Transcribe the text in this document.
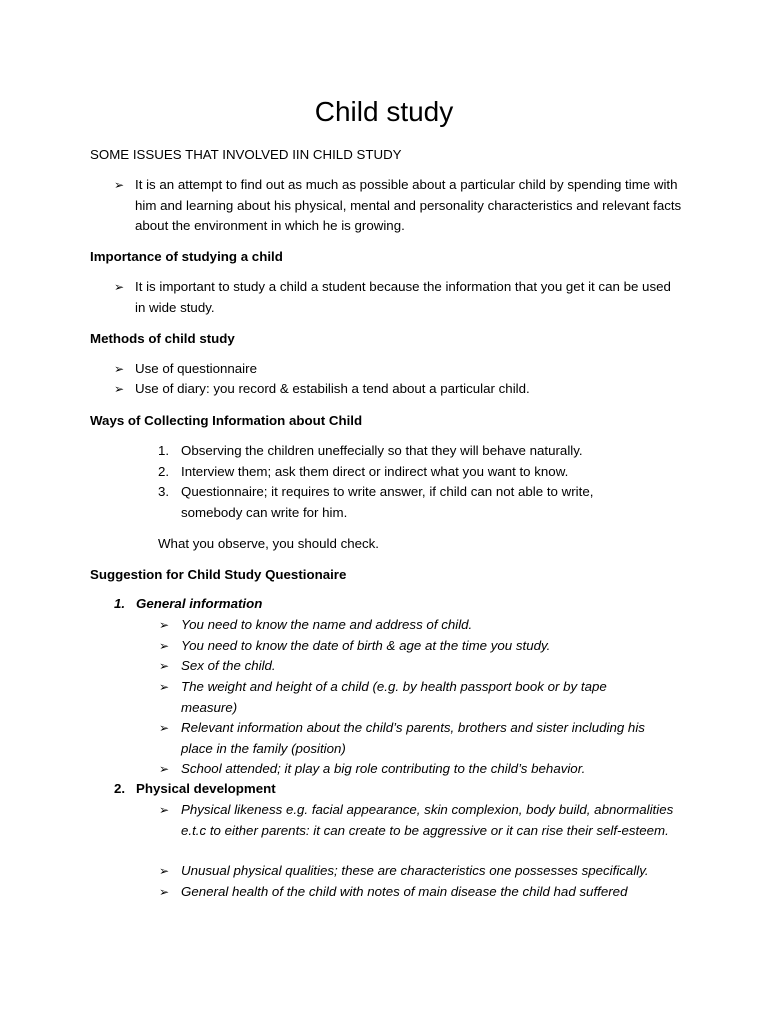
Child study
SOME ISSUES THAT INVOLVED IIN CHILD STUDY
➢ It is an attempt to find out as much as possible about a particular child by spending time with him and learning about his physical, mental and personality characteristics and relevant facts about the environment in which he is growing.
Importance of studying a child
➢ It is important to study a child a student because the information that you get it can be used in wide study.
Methods of child study
➢ Use of questionnaire
➢ Use of diary: you record & estabilish a tend about a particular child.
Ways of Collecting Information about Child
1. Observing the children uneffecially so that they will behave naturally.
2. Interview them; ask them direct or indirect what you want to know.
3. Questionnaire; it requires to write answer, if child can not able to write, somebody can write for him.
What you observe, you should check.
Suggestion for Child Study Questionaire
1. General information
➢ You need to know the name and address of child.
➢ You need to know the date of birth & age at the time you study.
➢ Sex of the child.
➢ The weight and height of a child (e.g. by health passport book or by tape measure)
➢ Relevant information about the child’s parents, brothers and sister including his place in the family (position)
➢ School attended; it play a big role contributing to the child’s behavior.
2. Physical development
➢ Physical likeness e.g. facial appearance, skin complexion, body build, abnormalities e.t.c to either parents: it can create to be aggressive or it can rise their self-esteem.
➢ Unusual physical qualities; these are characteristics one possesses specifically.
➢ General health of the child with notes of main disease the child had suffered
